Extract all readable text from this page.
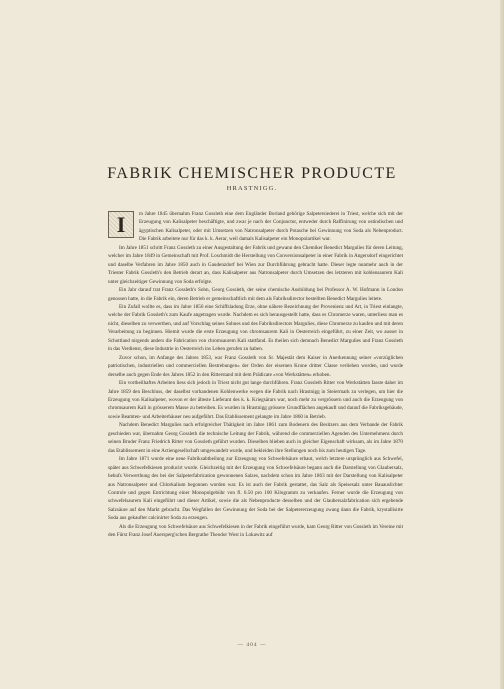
FABRIK CHEMISCHER PRODUCTE
HRASTNIGG.
I	m Jahre 1845 übernahm Franz Gossleth eine dem Engländer Borland gehörige Salpetersiederei in Triest, welche sich mit der Erzeugung von Kalisalpeter beschäftigte, und zwar je nach der Conjunctur, entweder durch Raffinirung von ostindischen und ägyptischen Kalisalpeter, oder mit Umsetzen von Natronsalpeter durch Potasche bei Gewinnung von Soda als Nebenproduct. Die Fabrik arbeitete nur für das k. k. Aerar, weil damals Kalisalpeter ein Monopolartikel war.

Im Jahre 1851 schritt Franz Gossleth zu einer Ausgestaltung der Fabrik und gewann den Chemiker Benedict Margulies für deren Leitung, welcher im Jahre 1849 in Gemeinschaft mit Prof. Loschmidt die Herstellung von Conversionsalpeter in einer Fabrik in Angersdorf eingerichtet und daselbe Verfahren im Jahre 1850 auch in Gaudenzdorf bei Wien zur Durchführung gebracht hatte. Dieser legte nunmehr auch in der Triester Fabrik Gossleth's den Betrieb derart an, dass Kalisalpeter aus Natronsalpeter durch Umsetzen des letzteren mit kohlensaurem Kali unter gleichzeitiger Gewinnung von Soda erfolgte.

Ein Jahr darauf trat Franz Gossleth's Sohn, Georg Gossleth, der seine chemische Ausbildung bei Professor A. W. Hofmann in London genossen hatte, in die Fabrik ein, deren Betrieb er gemeinschaftlich mit dem als Fabriksdirector bestellten Benedict Margulies leitete.

Ein Zufall wollte es, dass im Jahre 1856 eine Schiffsladung Erze, ohne nähere Bezeichnung der Provenienz und Art, in Triest einlangte, welche der Fabrik Gossleth's zum Kaufe angetragen wurde. Nachdem es sich herausgestellt hatte, dass es Chromerze waren, unterliess man es nicht, dieselben zu verwerthen, und auf Vorschlag seines Sohnes und des Fabriksdirectors Margulies, diese Chromerze zu kaufen und mit deren Verarbeitung zu beginnen. Hiemit wurde die erste Erzeugung von chromsaurem Kali in Oesterreich eingeführt, zu einer Zeit, wo ausser in Schottland nirgends anders die Fabrication von chromsaurem Kali stattfand. Es theilen sich demnach Benedict Margulies und Franz Gossleth in das Verdienst, diese Industrie in Oesterreich ins Leben gerufen zu haben.

Zuvor schon, im Anfange des Jahres 1853, war Franz Gossleth von Sr. Majestät dem Kaiser in Anerkennung seiner »vorzüglichen patriotischen, industriellen und commerciellen Bestrebungen« der Orden der eisernen Krone dritter Classe verliehen worden, und wurde derselbe auch gegen Ende des Jahres 1852 in den Ritterstand mit dem Prädicate »von Werkstätten« erhoben.

Ein vortheilhaftes Arbeiten liess sich jedoch in Triest nicht gut lange durchführen. Franz Gossleth Ritter von Werkstätten fasste daher im Jahre 1859 den Beschluss, der daselbst vorhandenen Kohlenwerke wegen die Fabrik nach Hrastnigg in Steiermark zu verlegen, um hier die Erzeugung von Kalisalpeter, wovon er der älteste Lieferant des k. k. Kriegsärars war, noch mehr zu vergrössern und auch die Erzeugung von chromsaurem Kali in grösserem Masse zu betreiben. Es wurden in Hrastnigg grössere Grundflächen angekauft und darauf die Fabriksgebäude, sowie Beamten- und Arbeiterhäuser neu aufgeführt. Das Etablissement gelangte im Jahre 1860 in Betrieb.

Nachdem Benedict Margulies nach erfolgreicher Thätigkeit im Jahre 1861 zum Bodenern des Besitzers aus dem Verbande der Fabrik geschieden war, übernahm Georg Gossleth die technische Leitung der Fabrik, während die commerziellen Agenden des Unternehmens durch seinen Bruder Franz Friedrich Ritter von Gossleth geführt wurden. Dieselben blieben auch in gleicher Eigenschaft wirksam, als im Jahre 1870 das Etablissement in eine Actiengesellschaft umgewandelt wurde, und bekleiden ihre Stellungen noch bis zum heutigen Tage.

Im Jahre 1871 wurde eine neue Fabriksabtheilung zur Erzeugung von Schwefelsäure erbaut, welch letztere ursprünglich aus Schwefel, später aus Schwefelkiesen producirt wurde. Gleichzeitig mit der Erzeugung von Schwefelsäure begann auch die Darstellung von Glaubersalz, behufs Verwerthung des bei der Salpeterfabrication gewonnenen Salzes, nachdem schon im Jahre 1863 mit der Darstellung von Kalisalpeter aus Natronsalpeter und Chlorkalium begonnen worden war. Es ist auch der Fabrik gestattet, das Salz als Speisesalz unter Bauauslichter Controle und gegen Entrichtung einer Monopolgebühr von fl. 6.50 pro 100 Kilogramm zu verkaufen. Ferner wurde die Erzeugung von schwefelsaurem Kali eingeführt und dieser Artikel, sowie die als Nebenproducte desselben und der Glaubersalzfabrication sich ergebende Salzsäure auf den Markt gebracht. Das Wegfallen der Gewinnung der Soda bei der Salpetererzeugung zwang dann die Fabrik, krystallisirte Soda aus gekaufter calcinirter Soda zu erzeugen.

Als die Erzeugung von Schwefelsäure aus Schwefelkiesen in der Fabrik eingeführt wurde, kam Georg Ritter von Gossleth im Vereine mit den Fürst Franz Josef Auersperg'schen Bergrathe Theodor Wost in Lokawitz auf

— 404 —
